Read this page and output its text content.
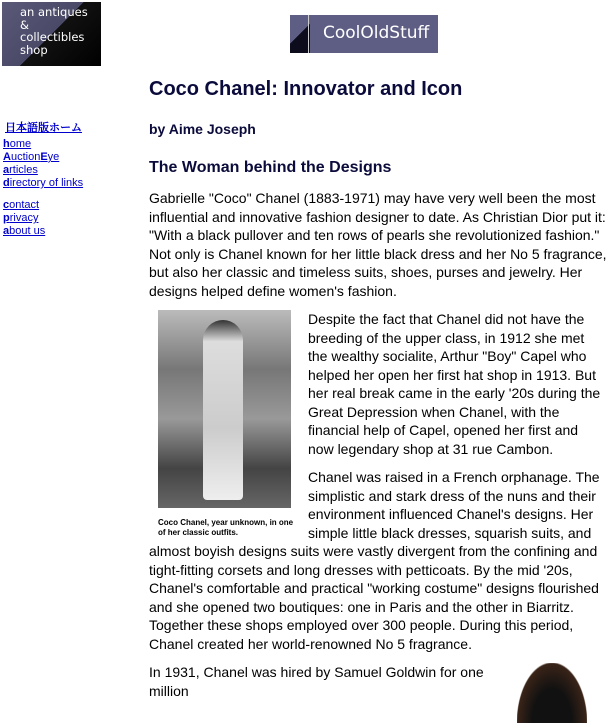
an antiques
&
collectibles
shop
CoolOldStuff
日本語版ホーム
home
AuctionEye
articles
directory of links
contact
privacy
about us
Coco Chanel: Innovator and Icon
by Aime Joseph
The Woman behind the Designs

Gabrielle "Coco" Chanel (1883-1971) may have very well been the most influential and innovative fashion designer to date. As Christian Dior put it: "With a black pullover and ten rows of pearls she revolutionized fashion." Not only is Chanel known for her little black dress and her No 5 fragrance, but also her classic and timeless suits, shoes, purses and jewelry. Her designs helped define women's fashion.

Coco Chanel, year unknown, in one of her classic outfits.

Despite the fact that Chanel did not have the breeding of the upper class, in 1912 she met the wealthy socialite, Arthur "Boy" Capel who helped her open her first hat shop in 1913. But her real break came in the early '20s during the Great Depression when Chanel, with the financial help of Capel, opened her first and now legendary shop at 31 rue Cambon.

Chanel was raised in a French orphanage. The simplistic and stark dress of the nuns and their environment influenced Chanel's designs. Her simple little black dresses, squarish suits, and almost boyish designs suits were vastly divergent from the confining and tight-fitting corsets and long dresses with petticoats. By the mid '20s, Chanel's comfortable and practical "working costume" designs flourished and she opened two boutiques: one in Paris and the other in Biarritz. Together these shops employed over 300 people. During this period, Chanel created her world-renowned No 5 fragrance.

In 1931, Chanel was hired by Samuel Goldwin for one million
